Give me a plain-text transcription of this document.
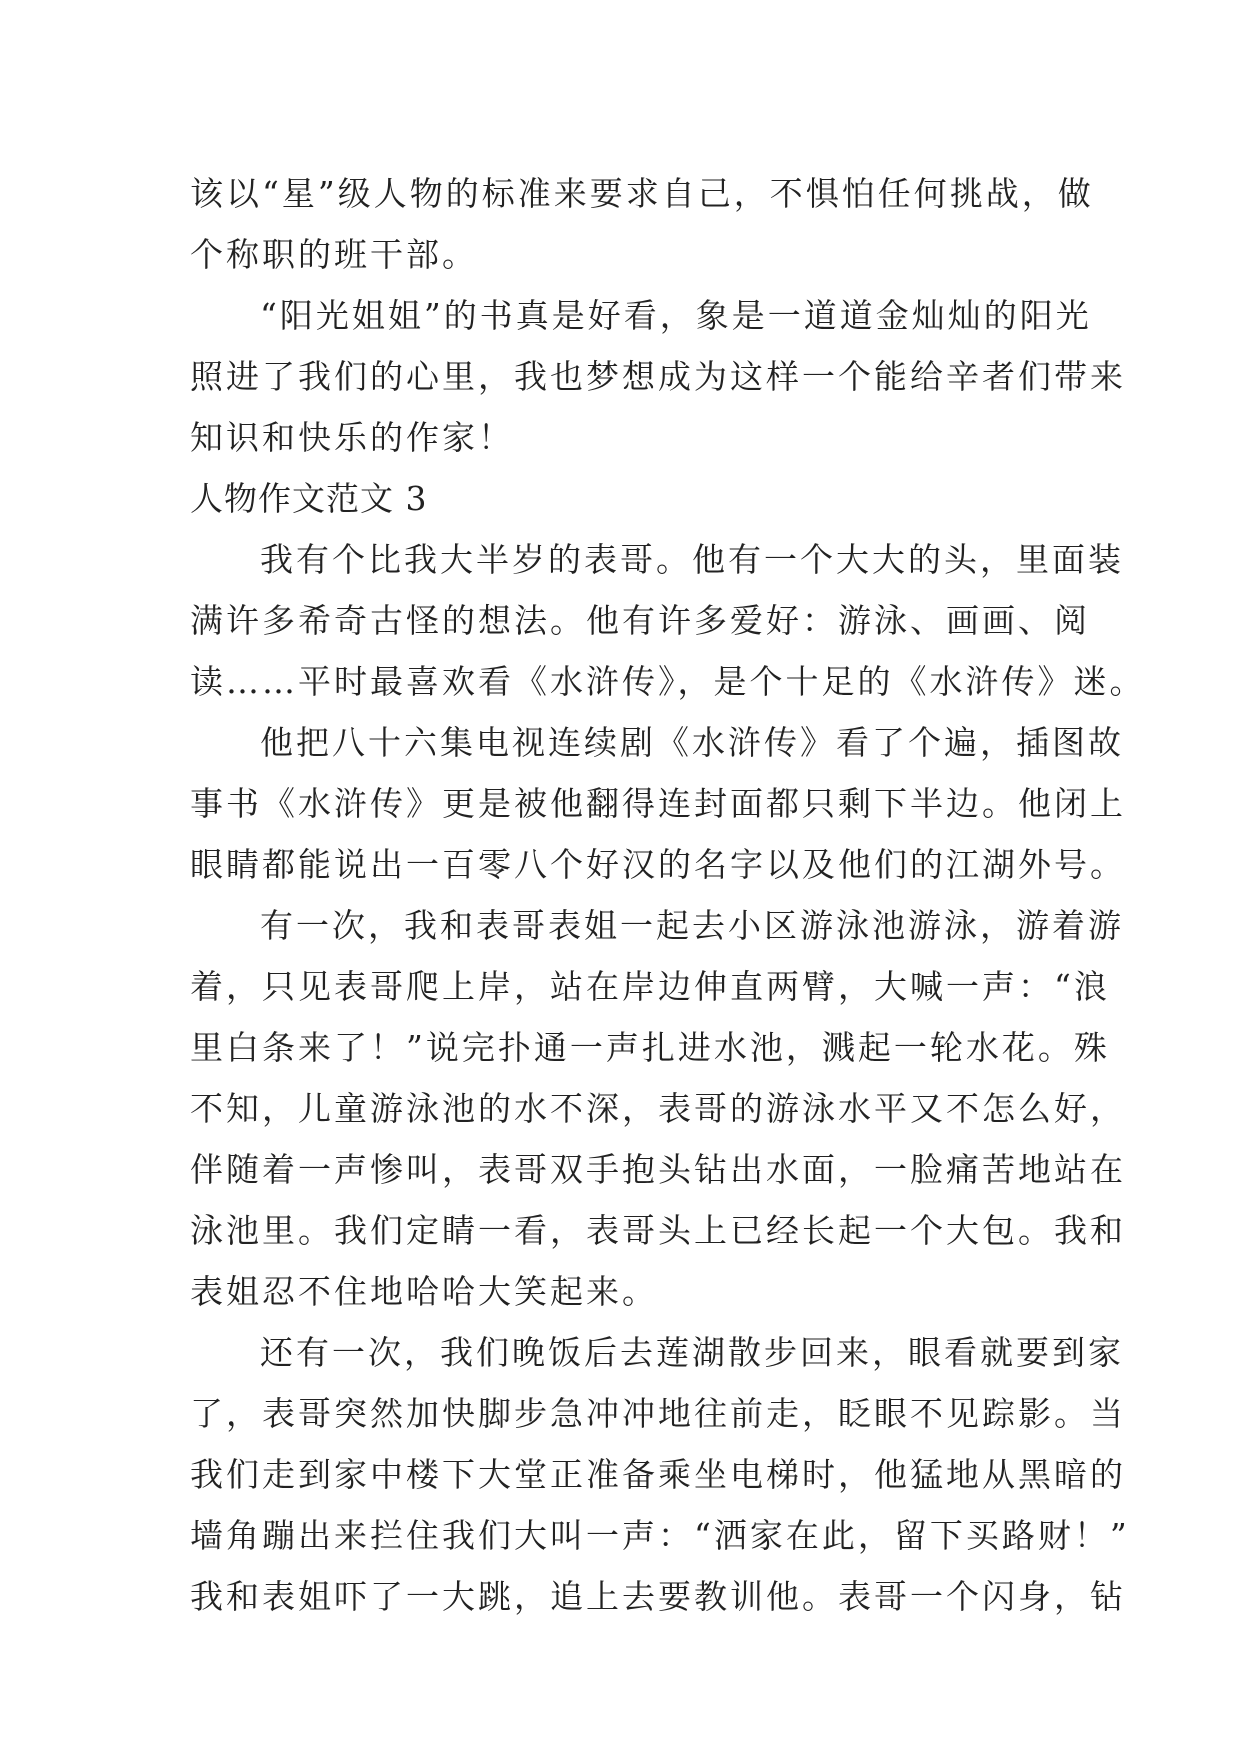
该以“星”级人物的标准来要求自己，不惧怕任何挑战，做
个称职的班干部。
“阳光姐姐”的书真是好看，象是一道道金灿灿的阳光
照进了我们的心里，我也梦想成为这样一个能给辛者们带来
知识和快乐的作家！
人物作文范文 3
我有个比我大半岁的表哥。他有一个大大的头，里面装
满许多希奇古怪的想法。他有许多爱好：游泳、画画、阅
读……平时最喜欢看《水浒传》，是个十足的《水浒传》迷。
他把八十六集电视连续剧《水浒传》看了个遍，插图故
事书《水浒传》更是被他翻得连封面都只剩下半边。他闭上
眼睛都能说出一百零八个好汉的名字以及他们的江湖外号。
有一次，我和表哥表姐一起去小区游泳池游泳，游着游
着，只见表哥爬上岸，站在岸边伸直两臂，大喊一声：“浪
里白条来了！”说完扑通一声扎进水池，溅起一轮水花。殊
不知，儿童游泳池的水不深，表哥的游泳水平又不怎么好，
伴随着一声惨叫，表哥双手抱头钻出水面，一脸痛苦地站在
泳池里。我们定睛一看，表哥头上已经长起一个大包。我和
表姐忍不住地哈哈大笑起来。
还有一次，我们晚饭后去莲湖散步回来，眼看就要到家
了，表哥突然加快脚步急冲冲地往前走，眨眼不见踪影。当
我们走到家中楼下大堂正准备乘坐电梯时，他猛地从黑暗的
墙角蹦出来拦住我们大叫一声：“洒家在此，留下买路财！”
我和表姐吓了一大跳，追上去要教训他。表哥一个闪身，钻
